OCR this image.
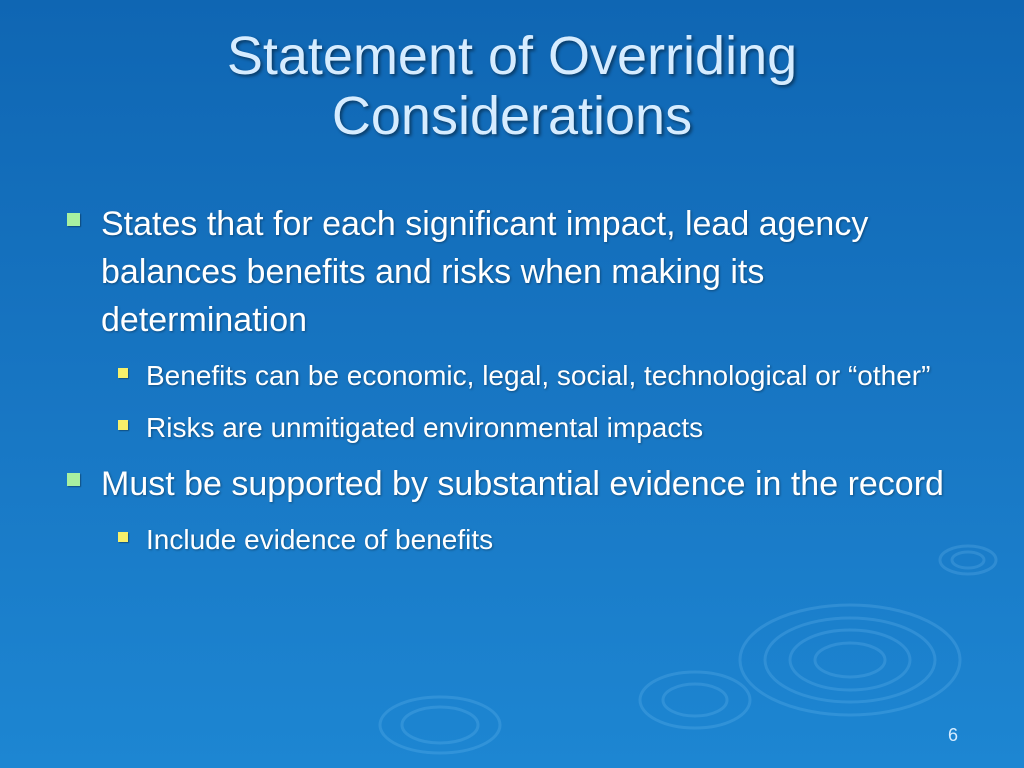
Statement of Overriding
Considerations
States that for each significant impact, lead agency balances benefits and risks when making its determination
Benefits can be economic, legal, social, technological or “other”
Risks are unmitigated environmental impacts
Must be supported by substantial evidence in the record
Include evidence of benefits
6
